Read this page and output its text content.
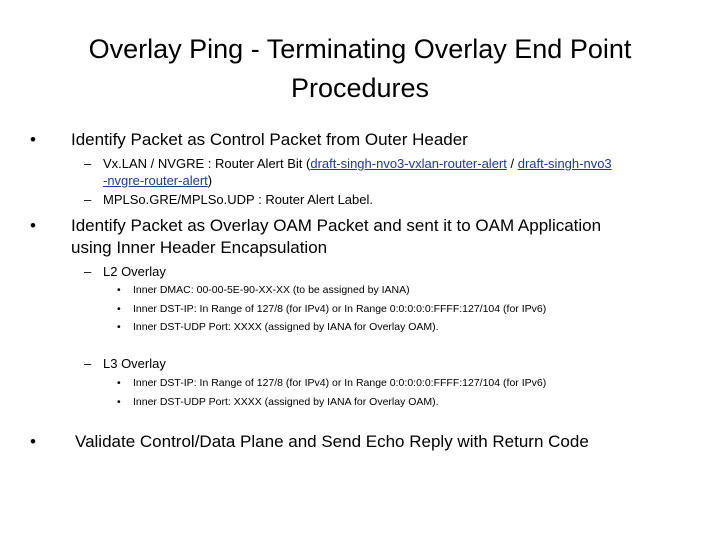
Overlay Ping - Terminating Overlay End Point
Procedures
• Identify Packet as Control Packet from Outer Header
– Vx.LAN / NVGRE : Router Alert Bit (draft-singh-nvo3-vxlan-router-alert / draft-singh-nvo3
-nvgre-router-alert)
– MPLSo.GRE/MPLSo.UDP : Router Alert Label.
• Identify Packet as Overlay OAM Packet and sent it to OAM Application
using Inner Header Encapsulation
– L2 Overlay
• Inner DMAC: 00-00-5E-90-XX-XX (to be assigned by IANA)
• Inner DST-IP: In Range of 127/8 (for IPv4) or In Range 0:0:0:0:0:FFFF:127/104 (for IPv6)
• Inner DST-UDP Port: XXXX (assigned by IANA for Overlay OAM).
– L3 Overlay
• Inner DST-IP: In Range of 127/8 (for IPv4) or In Range 0:0:0:0:0:FFFF:127/104 (for IPv6)
• Inner DST-UDP Port: XXXX (assigned by IANA for Overlay OAM).
• Validate Control/Data Plane and Send Echo Reply with Return Code
